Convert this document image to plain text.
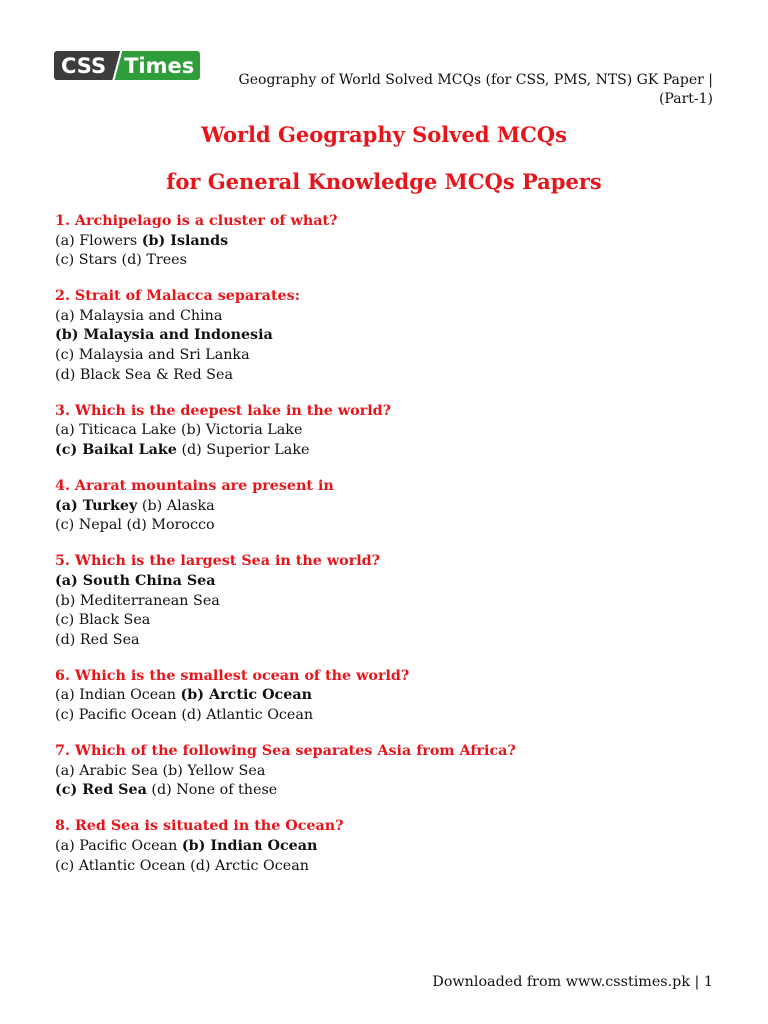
CSS Times
Geography of World Solved MCQs (for CSS, PMS, NTS) GK Paper | (Part-1)
World Geography Solved MCQs
for General Knowledge MCQs Papers
1. Archipelago is a cluster of what?
(a) Flowers (b) Islands
(c) Stars (d) Trees
2. Strait of Malacca separates:
(a) Malaysia and China
(b) Malaysia and Indonesia
(c) Malaysia and Sri Lanka
(d) Black Sea & Red Sea
3. Which is the deepest lake in the world?
(a) Titicaca Lake (b) Victoria Lake
(c) Baikal Lake (d) Superior Lake
4. Ararat mountains are present in
(a) Turkey (b) Alaska
(c) Nepal (d) Morocco
5. Which is the largest Sea in the world?
(a) South China Sea
(b) Mediterranean Sea
(c) Black Sea
(d) Red Sea
6. Which is the smallest ocean of the world?
(a) Indian Ocean (b) Arctic Ocean
(c) Pacific Ocean (d) Atlantic Ocean
7. Which of the following Sea separates Asia from Africa?
(a) Arabic Sea (b) Yellow Sea
(c) Red Sea (d) None of these
8. Red Sea is situated in the Ocean?
(a) Pacific Ocean (b) Indian Ocean
(c) Atlantic Ocean (d) Arctic Ocean
Downloaded from www.csstimes.pk | 1
